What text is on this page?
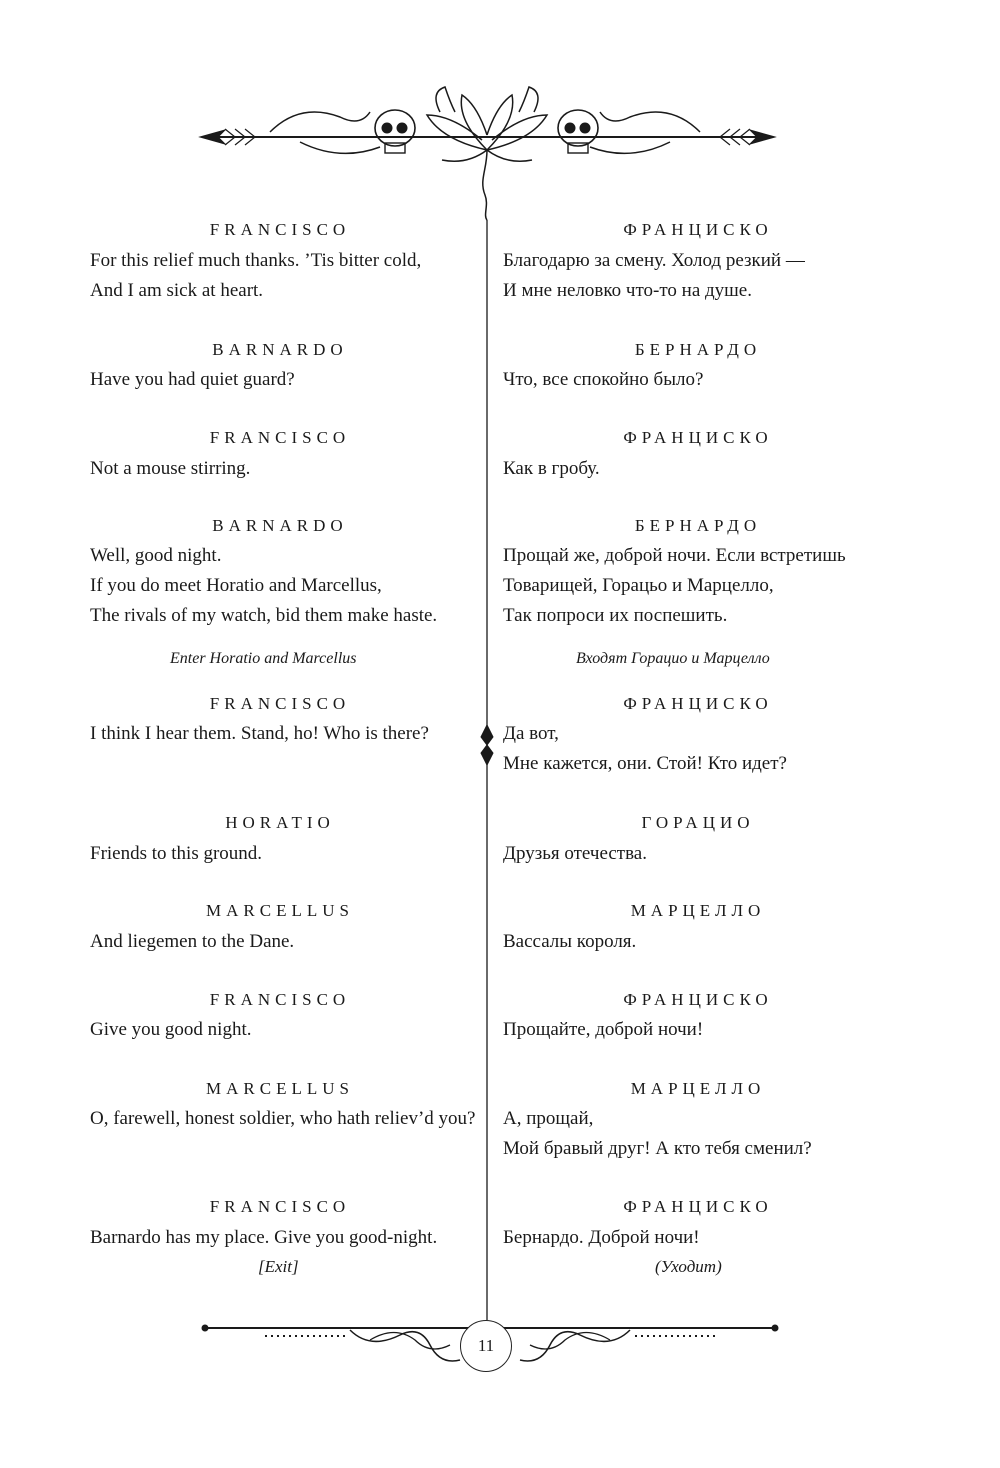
FRANCISCO
For this relief much thanks. ’Tis bitter cold,
And I am sick at heart.
BARNARDO
Have you had quiet guard?
FRANCISCO
Not a mouse stirring.
BARNARDO
Well, good night.
If you do meet Horatio and Marcellus,
The rivals of my watch, bid them make haste.
Enter Horatio and Marcellus
FRANCISCO
I think I hear them. Stand, ho! Who is there?
HORATIO
Friends to this ground.
MARCELLUS
And liegemen to the Dane.
FRANCISCO
Give you good night.
MARCELLUS
O, farewell, honest soldier, who hath reliev’d you?
FRANCISCO
Barnardo has my place. Give you good-night.
[Exit]
ФРАНЦИСКО
Благодарю за смену. Холод резкий —
И мне неловко что-то на душе.
БЕРНАРДО
Что, все спокойно было?
ФРАНЦИСКО
Как в гробу.
БЕРНАРДО
Прощай же, доброй ночи. Если встретишь
Товарищей, Горацьо и Марцелло,
Так попроси их поспешить.
Входят Горацио и Марцелло
ФРАНЦИСКО
Да вот,
Мне кажется, они. Стой! Кто идет?
ГОРАЦИО
Друзья отечества.
МАРЦЕЛЛО
Вассалы короля.
ФРАНЦИСКО
Прощайте, доброй ночи!
МАРЦЕЛЛО
А, прощай,
Мой бравый друг! А кто тебя сменил?
ФРАНЦИСКО
Бернардо. Доброй ночи!
(Уходит)
11
